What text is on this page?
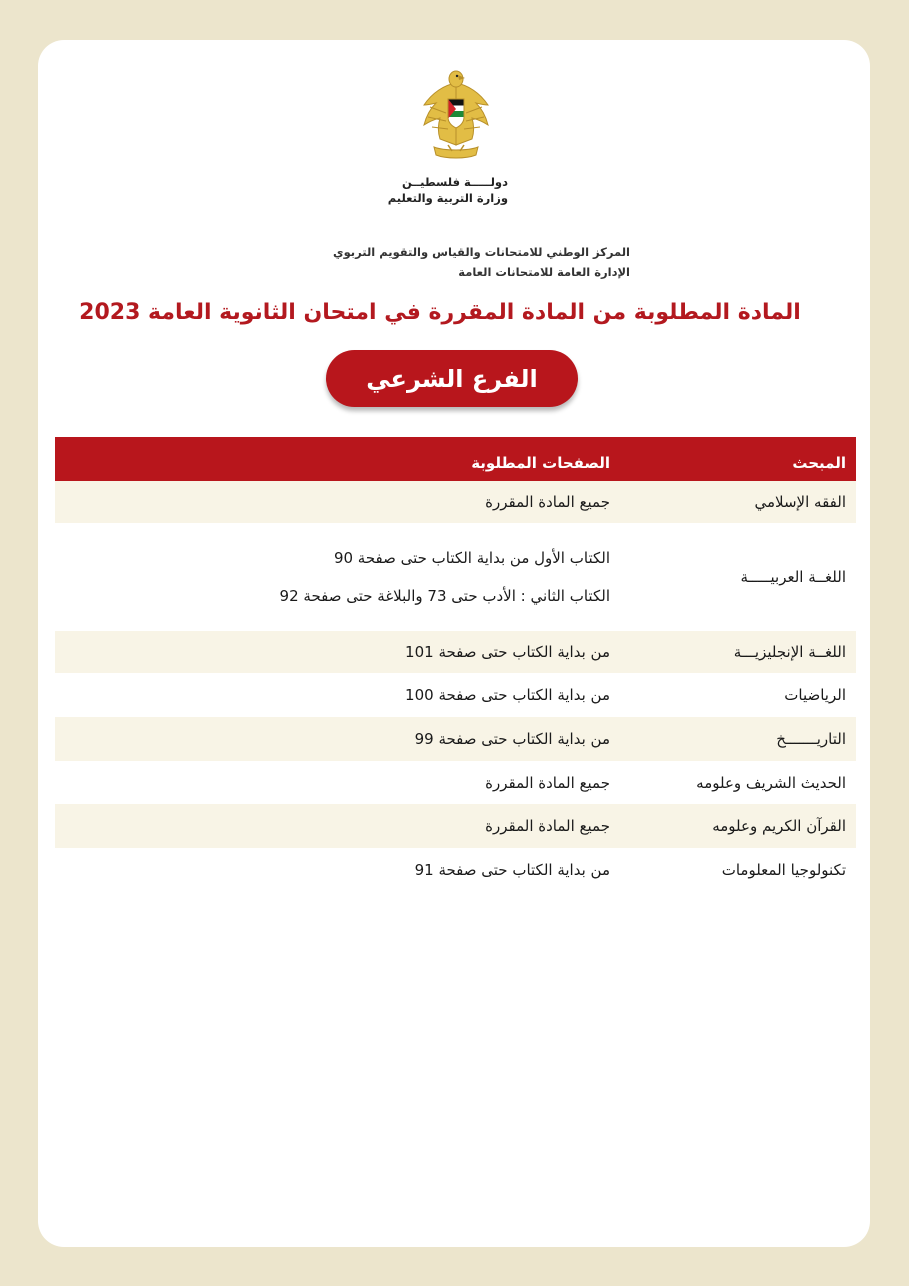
دولـــــة فلسطيــن
وزارة التربية والتعليم
المركز الوطني للامتحانات والقياس والتقويم التربوي
الإدارة العامة للامتحانات العامة
المادة المطلوبة من المادة المقررة في امتحان الثانوية العامة 2023
الفرع الشرعي
المبحث
الصفحات المطلوبة
الفقه الإسلامي
جميع المادة المقررة
اللغــة العربيـــــة
الكتاب الأول من بداية الكتاب حتى صفحة 90
الكتاب الثاني : الأدب حتى 73 والبلاغة حتى صفحة 92
اللغــة الإنجليزيـــة
من بداية الكتاب حتى صفحة 101
الرياضيات
من بداية الكتاب حتى صفحة 100
التاريـــــــخ
من بداية الكتاب حتى صفحة 99
الحديث الشريف وعلومه
جميع المادة المقررة
القرآن الكريم وعلومه
جميع المادة المقررة
تكنولوجيا المعلومات
من بداية الكتاب حتى صفحة 91
